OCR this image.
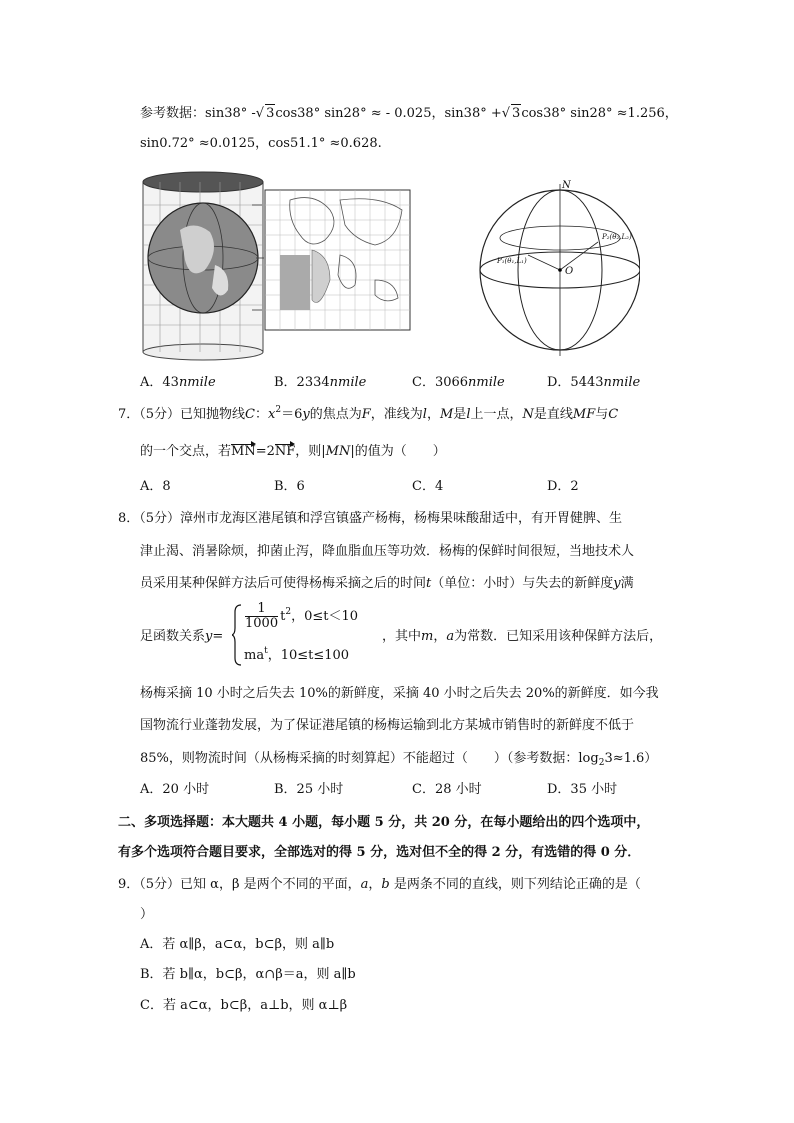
参考数据：sin38° -√ 3cos38° sin28° ≈ - 0.025，sin38° +√ 3cos38° sin28° ≈1.256，
sin0.72° ≈0.0125，cos51.1° ≈0.628.
N
O
P₁(θ₁,L₁)
P₂(θ₂,L₂)
A．43nmile	B．2334nmile	C．3066nmile	D．5443nmile
7．（5分）已知抛物线C：$x^2=6y$的焦点为F，准线为l，M是l上一点，N是直线MF与C
的一个交点，若MN=2NF，则|MN|的值为（　　）
A．8	B．6	C．4	D．2
8．（5分）漳州市龙海区港尾镇和浮宫镇盛产杨梅，杨梅果味酸甜适中，有开胃健脾、生
津止渴、消暑除烦，抑菌止泻，降血脂血压等功效．杨梅的保鲜时间很短，当地技术人
员采用某种保鲜方法后可使得杨梅采摘之后的时间t（单位：小时）与失去的新鲜度y满
足函数关系y=
$\frac{1}{1000} t^2$，0≤t＜10
$ma^t$，10≤t≤100
，其中m，a为常数．已知采用该种保鲜方法后，
杨梅采摘 10 小时之后失去 10%的新鲜度，采摘 40 小时之后失去 20%的新鲜度．如今我
国物流行业蓬勃发展，为了保证港尾镇的杨梅运输到北方某城市销售时的新鲜度不低于
85%，则物流时间（从杨梅采摘的时刻算起）不能超过（　　）（参考数据：$\log_23\approx 1.6$）
A．20 小时	B．25 小时	C．28 小时	D．35 小时
二、多项选择题：本大题共 4 小题，每小题 5 分，共 20 分，在每小题给出的四个选项中，
有多个选项符合题目要求，全部选对的得 5 分，选对但不全的得 2 分，有选错的得 0 分．
9．（5分）已知 α，β 是两个不同的平面，a，b 是两条不同的直线，则下列结论正确的是（
）
A．若 α∥β，a⊂α，b⊂β，则 a∥b
B．若 b∥α，b⊂β，α∩β＝a，则 a∥b
C．若 a⊂α，b⊂β，a⊥b，则 α⊥β
